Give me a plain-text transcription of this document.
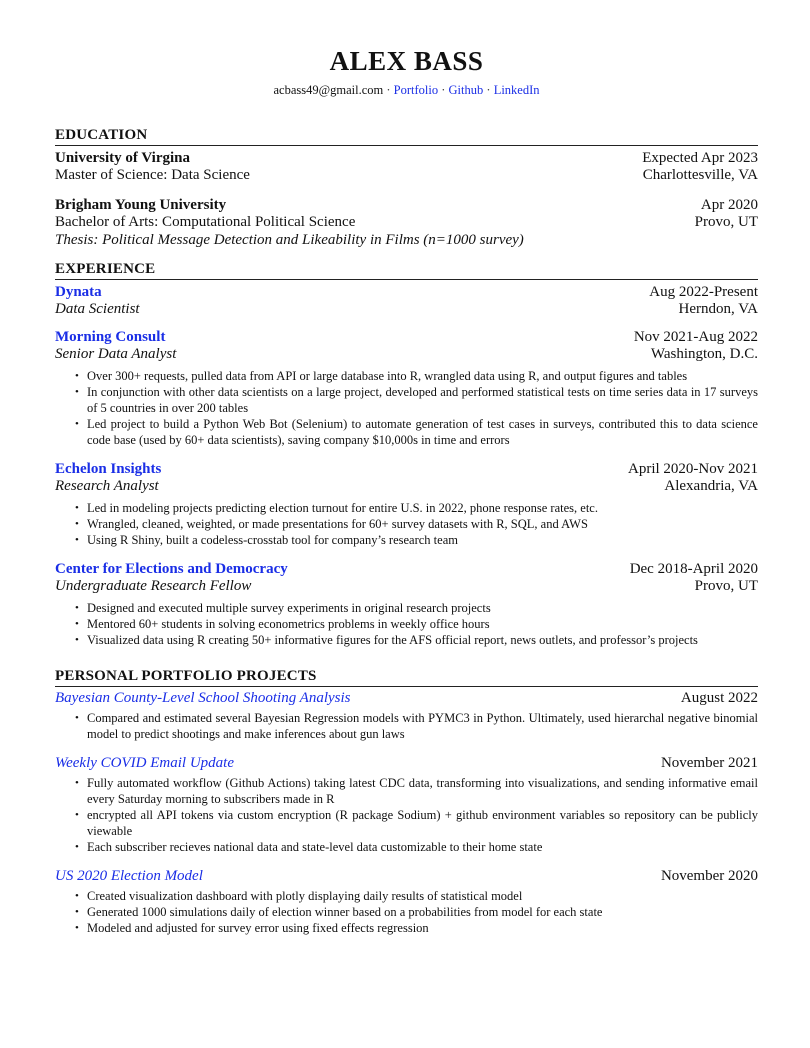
ALEX BASS
acbass49@gmail.com · Portfolio · Github · LinkedIn
EDUCATION
University of Virgina	Expected Apr 2023
Master of Science: Data Science	Charlottesville, VA
Brigham Young University	Apr 2020
Bachelor of Arts: Computational Political Science	Provo, UT
Thesis: Political Message Detection and Likeability in Films (n=1000 survey)
EXPERIENCE
Dynata	Aug 2022-Present
Data Scientist	Herndon, VA
Morning Consult	Nov 2021-Aug 2022
Senior Data Analyst	Washington, D.C.
• Over 300+ requests, pulled data from API or large database into R, wrangled data using R, and output figures and tables
• In conjunction with other data scientists on a large project, developed and performed statistical tests on time series data in 17 surveys of 5 countries in over 200 tables
• Led project to build a Python Web Bot (Selenium) to automate generation of test cases in surveys, contributed this to data science code base (used by 60+ data scientists), saving company $10,000s in time and errors
Echelon Insights	April 2020-Nov 2021
Research Analyst	Alexandria, VA
• Led in modeling projects predicting election turnout for entire U.S. in 2022, phone response rates, etc.
• Wrangled, cleaned, weighted, or made presentations for 60+ survey datasets with R, SQL, and AWS
• Using R Shiny, built a codeless-crosstab tool for company’s research team
Center for Elections and Democracy	Dec 2018-April 2020
Undergraduate Research Fellow	Provo, UT
• Designed and executed multiple survey experiments in original research projects
• Mentored 60+ students in solving econometrics problems in weekly office hours
• Visualized data using R creating 50+ informative figures for the AFS official report, news outlets, and professor’s projects
PERSONAL PORTFOLIO PROJECTS
Bayesian County-Level School Shooting Analysis	August 2022
• Compared and estimated several Bayesian Regression models with PYMC3 in Python. Ultimately, used hierarchal negative binomial model to predict shootings and make inferences about gun laws
Weekly COVID Email Update	November 2021
• Fully automated workflow (Github Actions) taking latest CDC data, transforming into visualizations, and sending informative email every Saturday morning to subscribers made in R
• encrypted all API tokens via custom encryption (R package Sodium) + github environment variables so repository can be publicly viewable
• Each subscriber recieves national data and state-level data customizable to their home state
US 2020 Election Model	November 2020
• Created visualization dashboard with plotly displaying daily results of statistical model
• Generated 1000 simulations daily of election winner based on a probabilities from model for each state
• Modeled and adjusted for survey error using fixed effects regression
